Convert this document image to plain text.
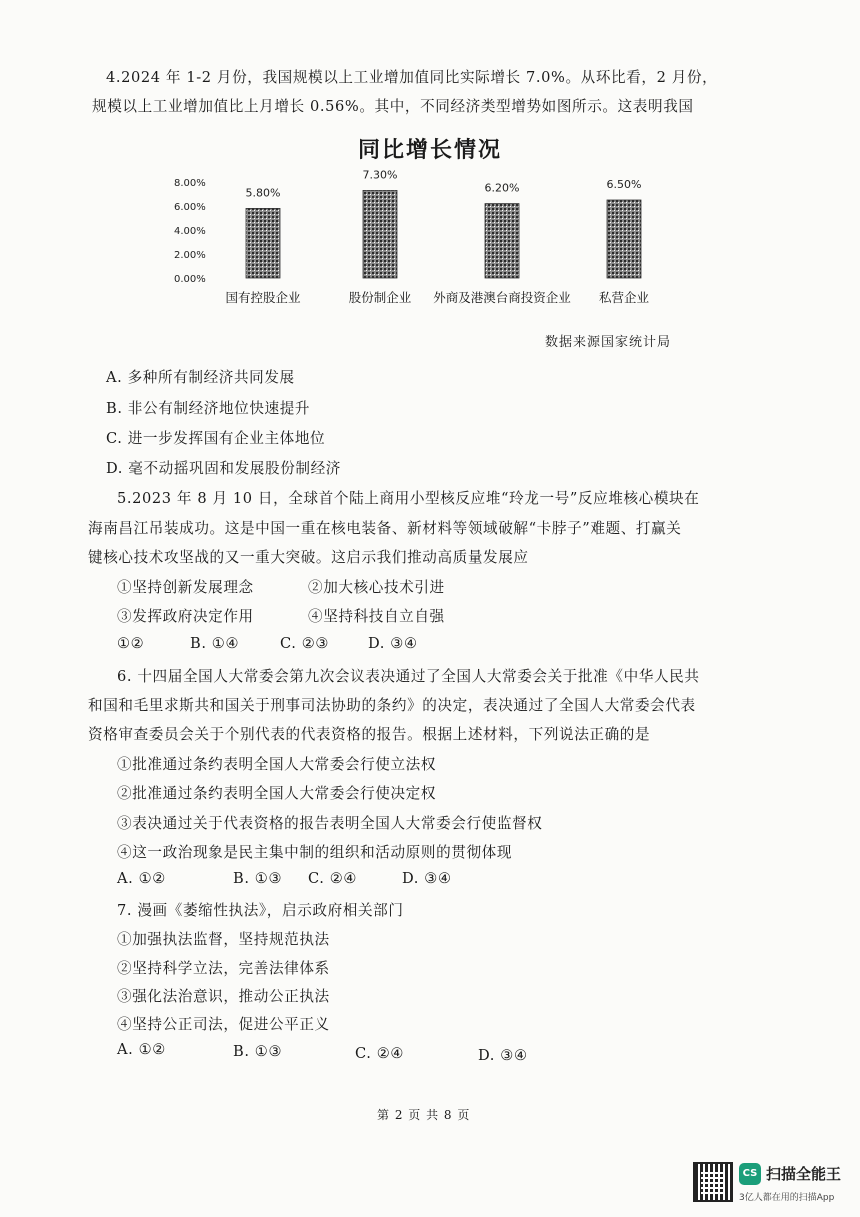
4.2024 年 1-2 月份，我国规模以上工业增加值同比实际增长 7.0%。从环比看，2 月份，
规模以上工业增加值比上月增长 0.56%。其中，不同经济类型增势如图所示。这表明我国
同比增长情况
8.00%
6.00%
4.00%
2.00%
0.00%
5.80%
国有控股企业
7.30%
股份制企业
6.20%
外商及港澳台商投资企业
6.50%
私营企业
数据来源国家统计局
A. 多种所有制经济共同发展
B. 非公有制经济地位快速提升
C. 进一步发挥国有企业主体地位
D. 毫不动摇巩固和发展股份制经济
5.2023 年 8 月 10 日，全球首个陆上商用小型核反应堆“玲龙一号”反应堆核心模块在
海南昌江吊装成功。这是中国一重在核电装备、新材料等领域破解“卡脖子”难题、打赢关
键核心技术攻坚战的又一重大突破。这启示我们推动高质量发展应
①坚持创新发展理念	②加大核心技术引进
③发挥政府决定作用	④坚持科技自立自强
①②	B. ①④	C. ②③	D. ③④
6. 十四届全国人大常委会第九次会议表决通过了全国人大常委会关于批准《中华人民共
和国和毛里求斯共和国关于刑事司法协助的条约》的决定，表决通过了全国人大常委会代表
资格审查委员会关于个别代表的代表资格的报告。根据上述材料，下列说法正确的是
①批准通过条约表明全国人大常委会行使立法权
②批准通过条约表明全国人大常委会行使决定权
③表决通过关于代表资格的报告表明全国人大常委会行使监督权
④这一政治现象是民主集中制的组织和活动原则的贯彻体现
A. ①②	B. ①③ C. ②④	D. ③④
7. 漫画《萎缩性执法》，启示政府相关部门
①加强执法监督，坚持规范执法
②坚持科学立法，完善法律体系
③强化法治意识，推动公正执法
④坚持公正司法，促进公平正义
A. ①②	B. ①③	C. ②④	D. ③④
第 2 页 共 8 页
CS 扫描全能王
3亿人都在用的扫描App
